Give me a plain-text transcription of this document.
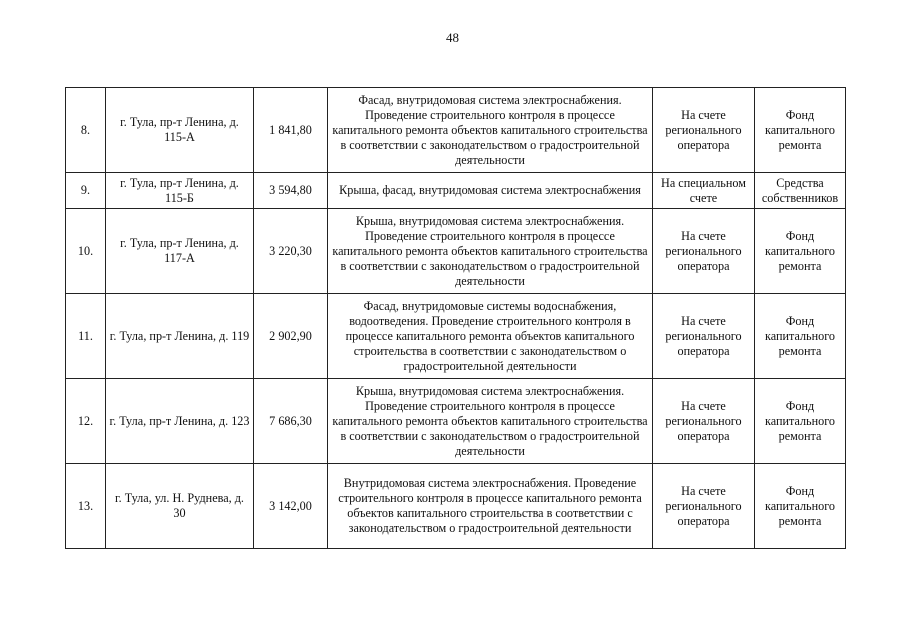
48
8.	г. Тула, пр-т Ленина, д. 115-А	1 841,80	Фасад, внутридомовая система электроснабжения. Проведение строительного контроля в процессе капитального ремонта объектов капитального строительства в соответствии с законодательством о градостроительной деятельности	На счете регионального оператора	Фонд капитального ремонта
9.	г. Тула, пр-т Ленина, д. 115-Б	3 594,80	Крыша, фасад, внутридомовая система электроснабжения	На специальном счете	Средства собственников
10.	г. Тула, пр-т Ленина, д. 117-А	3 220,30	Крыша, внутридомовая система электроснабжения. Проведение строительного контроля в процессе капитального ремонта объектов капитального строительства в соответствии с законодательством о градостроительной деятельности	На счете регионального оператора	Фонд капитального ремонта
11.	г. Тула, пр-т Ленина, д. 119	2 902,90	Фасад, внутридомовые системы водоснабжения, водоотведения. Проведение строительного контроля в процессе капитального ремонта объектов капитального строительства в соответствии с законодательством о градостроительной деятельности	На счете регионального оператора	Фонд капитального ремонта
12.	г. Тула, пр-т Ленина, д. 123	7 686,30	Крыша, внутридомовая система электроснабжения. Проведение строительного контроля в процессе капитального ремонта объектов капитального строительства в соответствии с законодательством о градостроительной деятельности	На счете регионального оператора	Фонд капитального ремонта
13.	г. Тула, ул. Н. Руднева, д. 30	3 142,00	Внутридомовая система электроснабжения. Проведение строительного контроля в процессе капитального ремонта объектов капитального строительства в соответствии с законодательством о градостроительной деятельности	На счете регионального оператора	Фонд капитального ремонта
